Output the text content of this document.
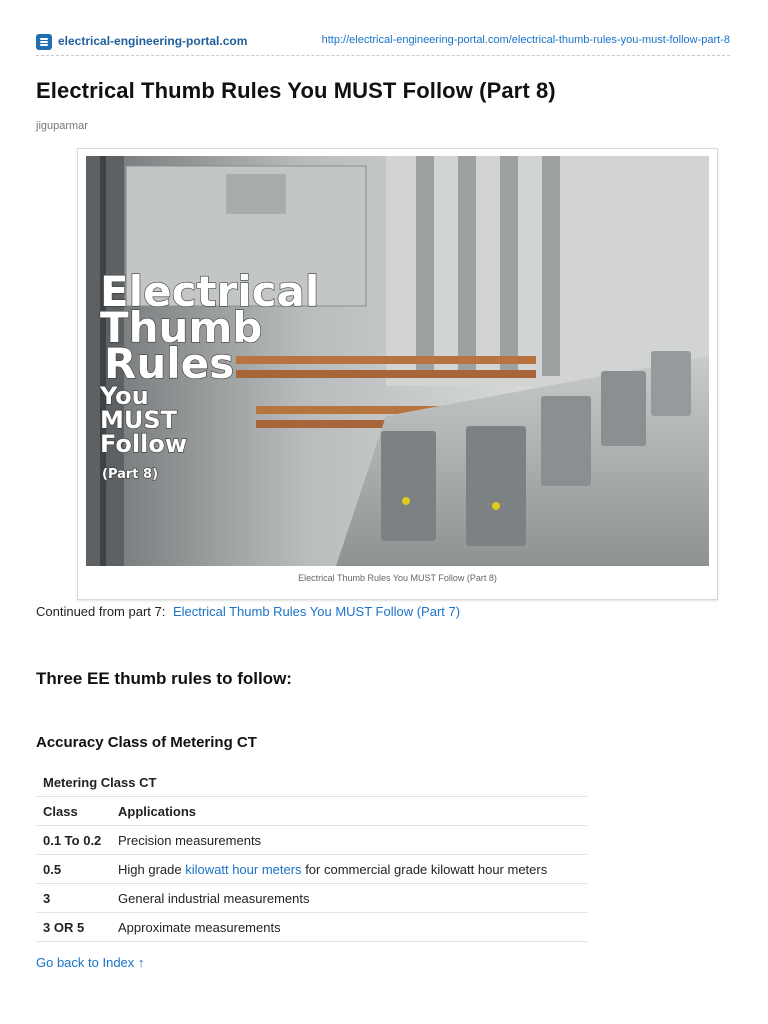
electrical-engineering-portal.com	http://electrical-engineering-portal.com/electrical-thumb-rules-you-must-follow-part-8
Electrical Thumb Rules You MUST Follow (Part 8)
jiguparmar
Electrical
Thumb
Rules
You
MUST
Follow
(Part 8)
Electrical Thumb Rules You MUST Follow (Part 8)
Continued from part 7: Electrical Thumb Rules You MUST Follow (Part 7)
Three EE thumb rules to follow:
Accuracy Class of Metering CT
Metering Class CT	
Class	Applications
0.1 To 0.2	Precision measurements
0.5	High grade kilowatt hour meters for commercial grade kilowatt hour meters
3	General industrial measurements
3 OR 5	Approximate measurements
Go back to Index ↑
